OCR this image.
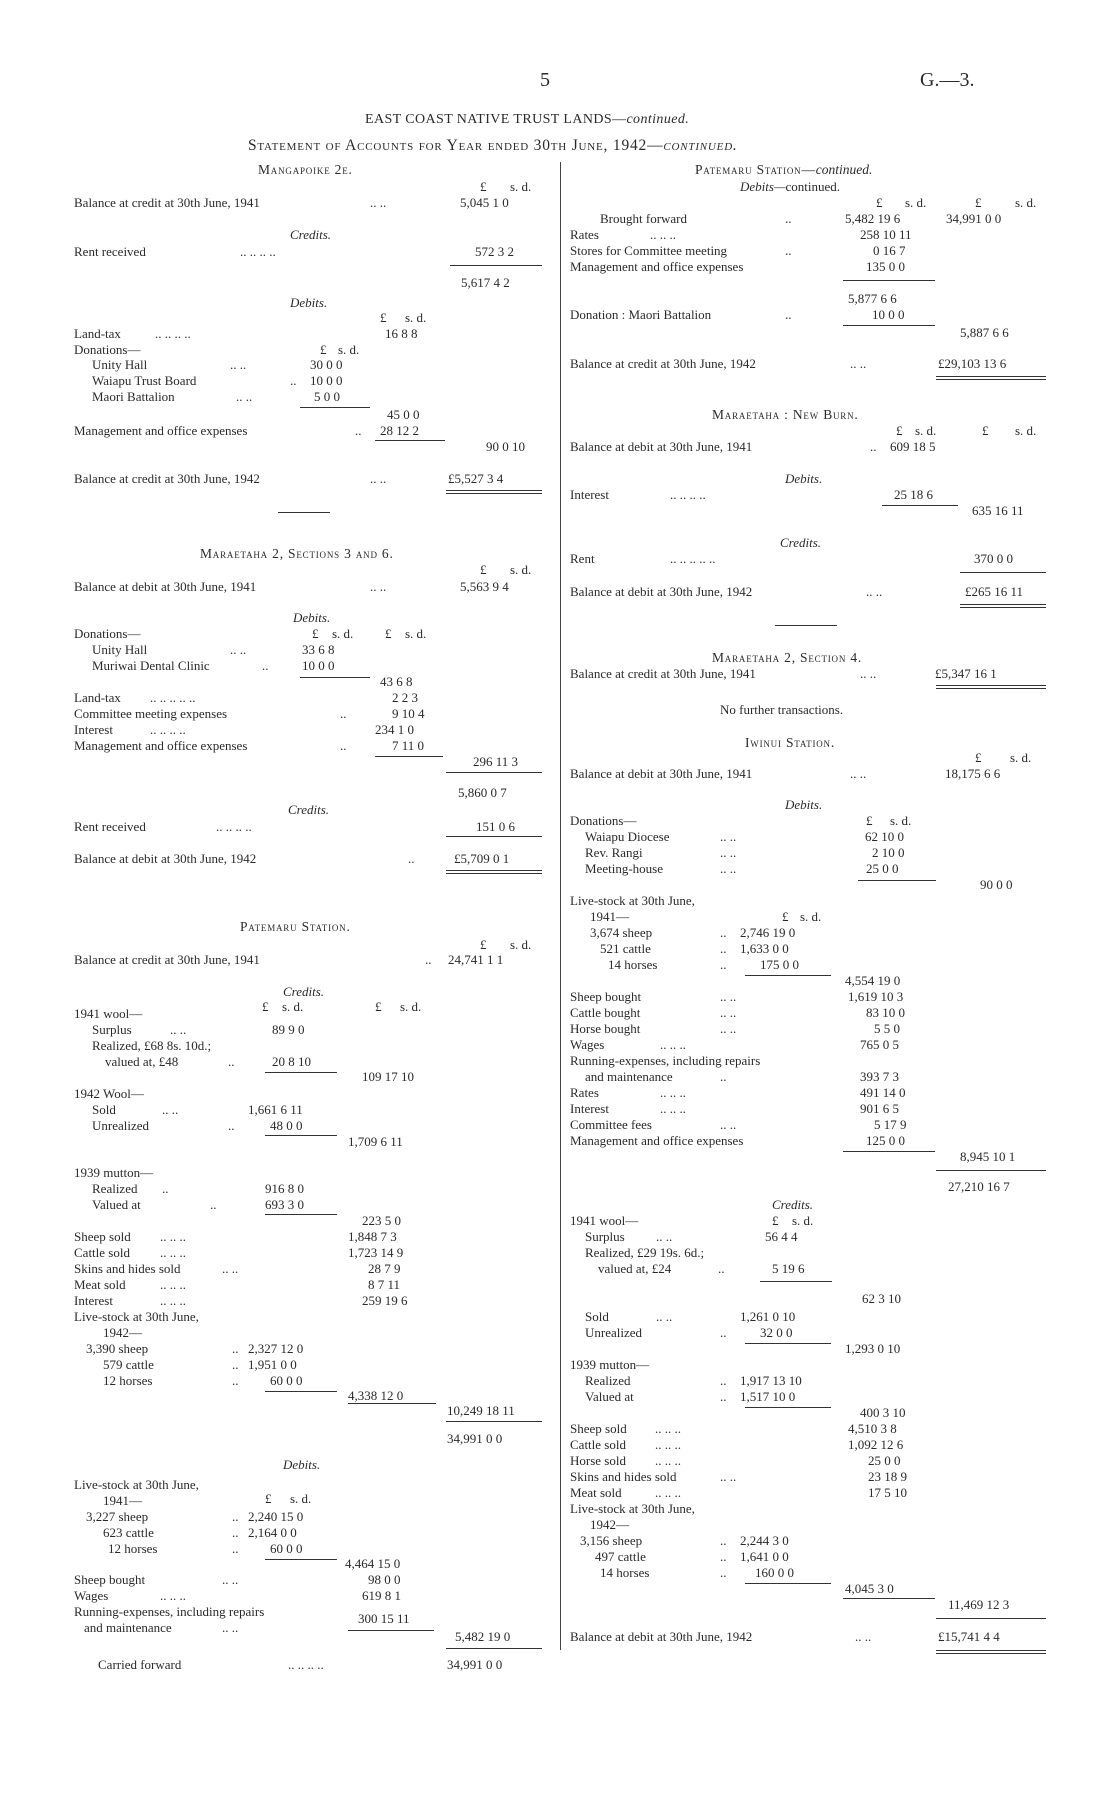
5	G.—3.
EAST COAST NATIVE TRUST LANDS—continued.
Statement of Accounts for Year ended 30th June, 1942—continued.
Mangapoike 2e.
£ s. d.
Balance at credit at 30th June, 1941	.. ..	5,045 1 0
Credits.
Rent received	.. .. .. ..	572 3 2
5,617 4 2
Debits.
£ s. d.
Land-tax	.. .. .. ..	16 8 8
Donations—	£ s. d.
Unity Hall	.. ..	30 0 0
Waiapu Trust Board	.. 10 0 0
Maori Battalion	.. ..	5 0 0
45 0 0
Management and office expenses	.. 28 12 2
90 0 10
Balance at credit at 30th June, 1942	.. ..	£5,527 3 4
Maraetaha 2, Sections 3 and 6.
£ s. d.
Balance at debit at 30th June, 1941	.. ..	5,563 9 4
Debits.
Donations—	£ s. d. £ s. d.
Unity Hall	.. ..	33 6 8
Muriwai Dental Clinic	..	10 0 0
43 6 8
Land-tax .. .. .. .. ..	2 2 3
Committee meeting expenses	..	9 10 4
Interest	.. .. .. ..	234 1 0
Management and office expenses	..	7 11 0
296 11 3
5,860 0 7
Credits.
Rent received	.. .. .. ..	151 0 6
Balance at debit at 30th June, 1942	..	£5,709 0 1
Patemaru Station.
£ s. d.
Balance at credit at 30th June, 1941	.. 24,741 1 1
Credits.
£ s. d.	£ s. d.
1941 wool—
Surplus	.. ..	89 9 0
Realized, £68 8s. 10d.;
valued at, £48	..	20 8 10
109 17 10
1942 Wool—
Sold	.. ..	1,661 6 11
Unrealized	..	48 0 0
1,709 6 11
1939 mutton—
Realized ..	916 8 0
Valued at	..	693 3 0
223 5 0
Sheep sold .. .. ..	1,848 7 3
Cattle sold .. .. ..	1,723 14 9
Skins and hides sold	.. ..	28 7 9
Meat sold	.. .. ..	8 7 11
Interest	.. .. ..	259 19 6
Live-stock at 30th June,
1942—
3,390 sheep	.. 2,327 12 0
579 cattle	.. 1,951 0 0
12 horses	.. 60 0 0
4,338 12 0
10,249 18 11
34,991 0 0
Debits.
Live-stock at 30th June,
1941—	£ s. d.
3,227 sheep	.. 2,240 15 0
623 cattle	.. 2,164 0 0
12 horses	.. 60 0 0
4,464 15 0
Sheep bought	.. ..	98 0 0
Wages	.. .. ..	619 8 1
Running-expenses, including repairs
and maintenance	.. ..
300 15 11
5,482 19 0
Carried forward	.. .. .. ..	34,991 0 0
Patemaru Station—continued.
Debits—continued.
£ s. d.	£	s. d.
Brought forward	..	5,482 19 6	34,991 0 0
Rates	.. .. ..	258 10 11
Stores for Committee meeting	..	0 16 7
Management and office expenses	135 0 0
5,877 6 6
Donation : Maori Battalion	..	10 0 0
5,887 6 6
Balance at credit at 30th June, 1942	.. ..	£29,103 13 6
Maraetaha : New Burn.
£ s. d.	£ s. d.
Balance at debit at 30th June, 1941	.. 609 18 5
Debits.
Interest	.. .. .. ..	25 18 6
635 16 11
Credits.
Rent	.. .. .. .. ..	370 0 0
Balance at debit at 30th June, 1942	.. ..	£265 16 11
Maraetaha 2, Section 4.
Balance at credit at 30th June, 1941	.. ..	£5,347 16 1
No further transactions.
Iwinui Station.
£ s. d.
Balance at debit at 30th June, 1941	.. ..	18,175 6 6
Debits.
Donations—	£ s. d.
Waiapu Diocese	.. ..	62 10 0
Rev. Rangi	.. ..	2 10 0
Meeting-house	.. ..	25 0 0
90 0 0
Live-stock at 30th June,
1941—	£ s. d.
3,674 sheep	.. 2,746 19 0
521 cattle	.. 1,633 0 0
14 horses	..	175 0 0
4,554 19 0
Sheep bought	.. ..	1,619 10 3
Cattle bought	.. ..	83 10 0
Horse bought	.. ..	5 5 0
Wages	.. .. ..	765 0 5
Running-expenses, including repairs
and maintenance	..	393 7 3
Rates	.. .. ..	491 14 0
Interest	.. .. ..	901 6 5
Committee fees	.. ..	5 17 9
Management and office expenses	125 0 0
8,945 10 1
27,210 16 7
Credits.
£ s. d.
1941 wool—
Surplus .. ..	56 4 4
Realized, £29 19s. 6d.;
valued at, £24	..	5 19 6
62 3 10
Sold	.. ..	1,261 0 10
Unrealized	..	32 0 0
1,293 0 10
1939 mutton—
Realized	.. 1,917 13 10
Valued at	.. 1,517 10 0
400 3 10
Sheep sold .. .. ..	4,510 3 8
Cattle sold .. .. ..	1,092 12 6
Horse sold .. .. ..	25 0 0
Skins and hides sold	.. ..	23 18 9
Meat sold	.. .. ..	17 5 10
Live-stock at 30th June,
1942—
3,156 sheep	.. 2,244 3 0
497 cattle	.. 1,641 0 0
14 horses	.. 160 0 0
4,045 3 0
11,469 12 3
Balance at debit at 30th June, 1942	.. ..	£15,741 4 4
